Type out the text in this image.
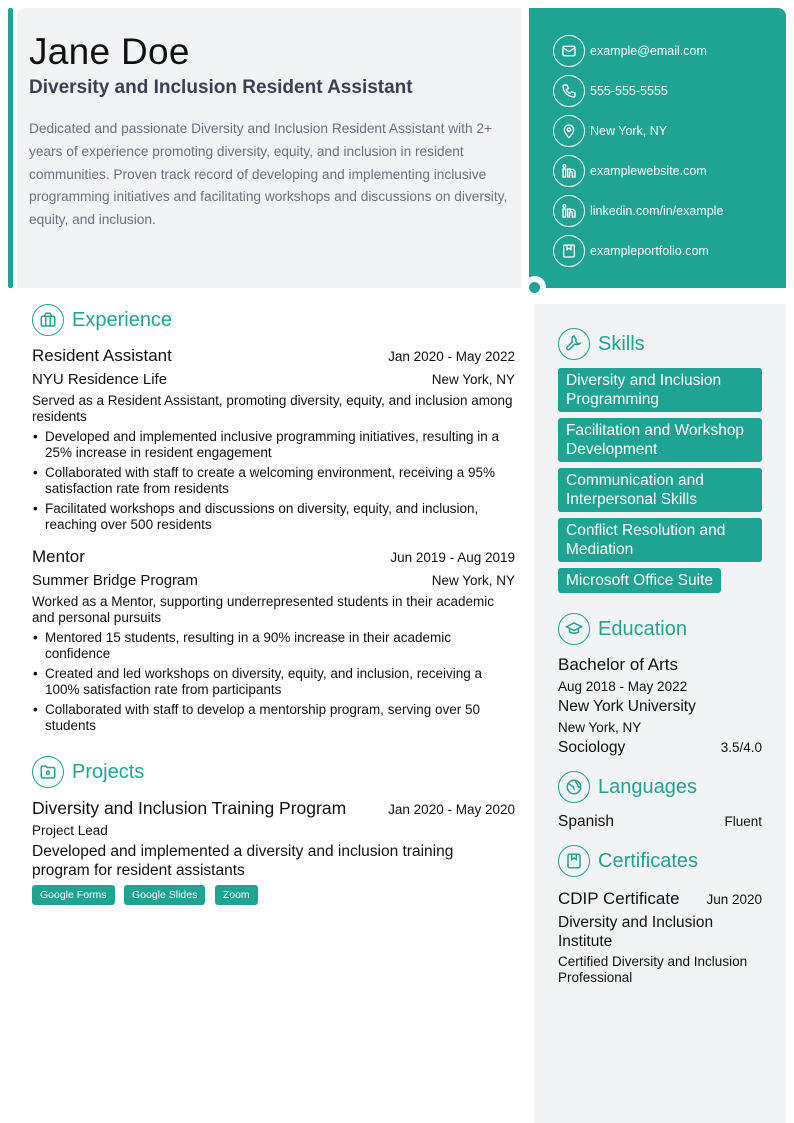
Jane Doe
Diversity and Inclusion Resident Assistant
Dedicated and passionate Diversity and Inclusion Resident Assistant with 2+ years of experience promoting diversity, equity, and inclusion in resident communities. Proven track record of developing and implementing inclusive programming initiatives and facilitating workshops and discussions on diversity, equity, and inclusion.
example@email.com
555-555-5555
New York, NY
examplewebsite.com
linkedin.com/in/example
exampleportfolio.com
Experience
Resident Assistant	Jan 2020 - May 2022
NYU Residence Life	New York, NY
Served as a Resident Assistant, promoting diversity, equity, and inclusion among residents
• Developed and implemented inclusive programming initiatives, resulting in a 25% increase in resident engagement
• Collaborated with staff to create a welcoming environment, receiving a 95% satisfaction rate from residents
• Facilitated workshops and discussions on diversity, equity, and inclusion, reaching over 500 residents
Mentor	Jun 2019 - Aug 2019
Summer Bridge Program	New York, NY
Worked as a Mentor, supporting underrepresented students in their academic and personal pursuits
• Mentored 15 students, resulting in a 90% increase in their academic confidence
• Created and led workshops on diversity, equity, and inclusion, receiving a 100% satisfaction rate from participants
• Collaborated with staff to develop a mentorship program, serving over 50 students
Projects
Diversity and Inclusion Training Program	Jan 2020 - May 2020
Project Lead
Developed and implemented a diversity and inclusion training program for resident assistants
Google Forms Google Slides Zoom
Skills
Diversity and Inclusion Programming
Facilitation and Workshop Development
Communication and Interpersonal Skills
Conflict Resolution and Mediation
Microsoft Office Suite
Education
Bachelor of Arts
Aug 2018 - May 2022
New York University
New York, NY
Sociology	3.5/4.0
Languages
Spanish	Fluent
Certificates
CDIP Certificate Jun 2020
Diversity and Inclusion Institute
Certified Diversity and Inclusion Professional
